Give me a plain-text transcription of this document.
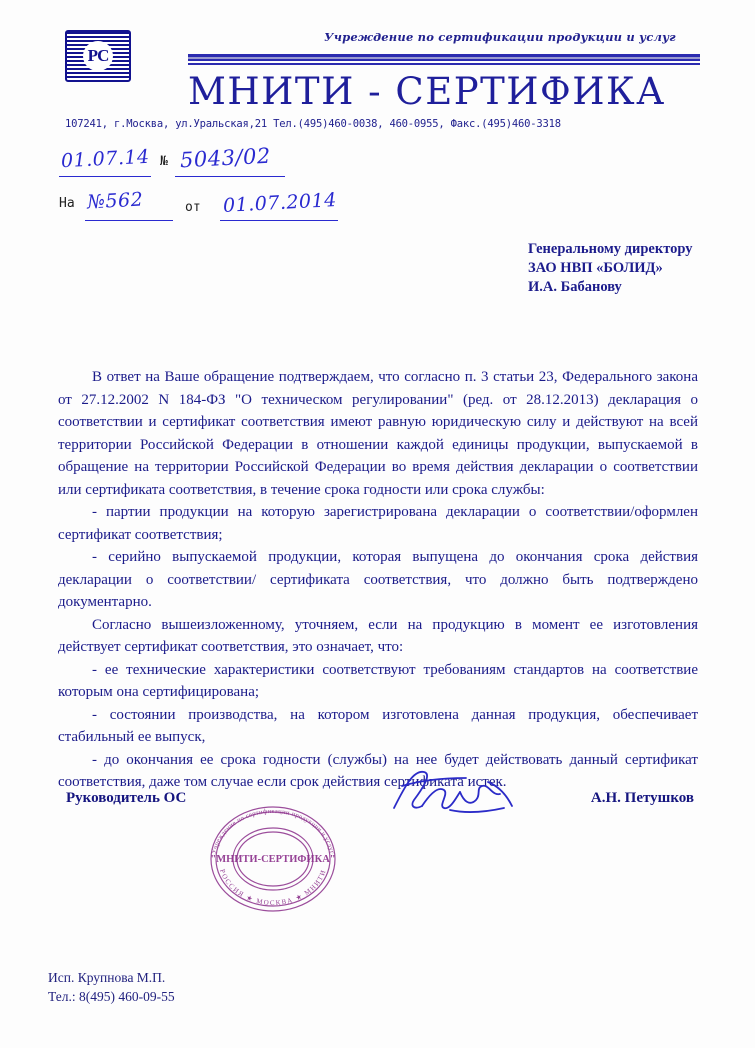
РС
Учреждение по сертификации продукции и услуг
МНИТИ - СЕРТИФИКА
107241, г.Москва, ул.Уральская,21 Тел.(495)460-0038, 460-0955, Факс.(495)460-3318
01.07.14 № 5043/02
На №562	от 01.07.2014
Генеральному директору
ЗАО НВП «БОЛИД»
И.А. Бабанову

В ответ на Ваше обращение подтверждаем, что согласно п. 3 статьи 23, Федерального закона от 27.12.2002 N 184-ФЗ "О техническом регулировании" (ред. от 28.12.2013) декларация о соответствии и сертификат соответствия имеют равную юридическую силу и действуют на всей территории Российской Федерации в отношении каждой единицы продукции, выпускаемой в обращение на территории Российской Федерации во время действия декларации о соответствии или сертификата соответствия, в течение срока годности или срока службы:

- партии продукции на которую зарегистрирована декларации о соответствии/оформлен сертификат соответствия;

- серийно выпускаемой продукции, которая выпущена до окончания срока действия декларации о соответствии/ сертификата соответствия, что должно быть подтверждено документарно.

Согласно вышеизложенному, уточняем, если на продукцию в момент ее изготовления действует сертификат соответствия, это означает, что:

- ее технические характеристики соответствуют требованиям стандартов на соответствие которым она сертифицирована;

- состоянии производства, на котором изготовлена данная продукция, обеспечивает стабильный ее выпуск,

- до окончания ее срока годности (службы) на нее будет действовать данный сертификат соответствия, даже том случае если срок действия сертификата истек.

Руководитель ОС	А.Н. Петушков
Учреждение по сертификации продукции и услуг
РОССИЯ ★ МОСКВА ★ МНИТИ
"МНИТИ-СЕРТИФИКА"
Исп. Крупнова М.П.
Тел.: 8(495) 460-09-55
